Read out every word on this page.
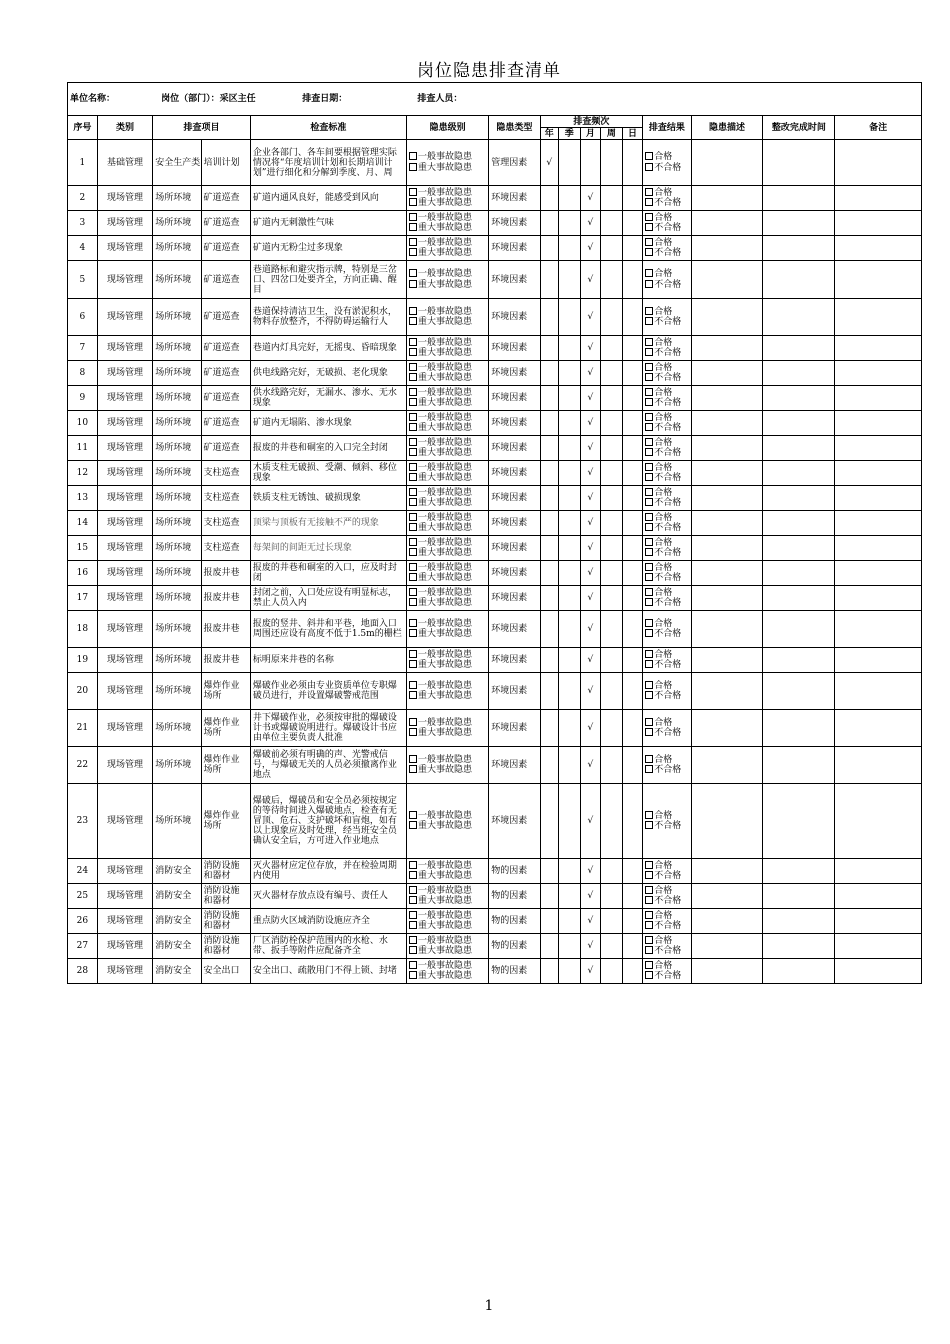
岗位隐患排查清单
单位名称： 岗位（部门）：采区主任 排查日期： 排查人员：															
序号	类别	排查项目		检查标准	隐患级别	隐患类型	排查频次					排查结果	隐患描述	整改完成时间	备注
							年	季	月	周	日				
1	基础管理	安全生产类	培训计划	企业各部门、各车间要根据管理实际情况将“年度培训计划和长期培训计划”进行细化和分解到季度、月、周	一般事故隐患
重大事故隐患	管理因素	√					合格
不合格			

2	现场管理	场所环境	矿道巡查	矿道内通风良好，能感受到风向	一般事故隐患
重大事故隐患	环境因素			√			合格
不合格			

3	现场管理	场所环境	矿道巡查	矿道内无刺激性气味	一般事故隐患
重大事故隐患	环境因素			√			合格
不合格			

4	现场管理	场所环境	矿道巡查	矿道内无粉尘过多现象	一般事故隐患
重大事故隐患	环境因素			√			合格
不合格			

5	现场管理	场所环境	矿道巡查	巷道路标和避灾指示牌，特别是三岔口、四岔口处要齐全，方向正确、醒目	一般事故隐患
重大事故隐患	环境因素			√			合格
不合格			

6	现场管理	场所环境	矿道巡查	巷道保持清洁卫生，没有淤泥积水，物料存放整齐，不得防碍运输行人	一般事故隐患
重大事故隐患	环境因素			√			合格
不合格			

7	现场管理	场所环境	矿道巡查	巷道内灯具完好，无摇曳、昏暗现象	一般事故隐患
重大事故隐患	环境因素			√			合格
不合格			

8	现场管理	场所环境	矿道巡查	供电线路完好，无破损、老化现象	一般事故隐患
重大事故隐患	环境因素			√			合格
不合格			

9	现场管理	场所环境	矿道巡查	供水线路完好，无漏水、渗水、无水现象	一般事故隐患
重大事故隐患	环境因素			√			合格
不合格			

10	现场管理	场所环境	矿道巡查	矿道内无塌陷、渗水现象	一般事故隐患
重大事故隐患	环境因素			√			合格
不合格			

11	现场管理	场所环境	矿道巡查	报废的井巷和硐室的入口完全封闭	一般事故隐患
重大事故隐患	环境因素			√			合格
不合格			

12	现场管理	场所环境	支柱巡查	木质支柱无破损、受潮、倾斜、移位现象	一般事故隐患
重大事故隐患	环境因素			√			合格
不合格			

13	现场管理	场所环境	支柱巡查	铁质支柱无锈蚀、破损现象	一般事故隐患
重大事故隐患	环境因素			√			合格
不合格			

14	现场管理	场所环境	支柱巡查	顶梁与顶板有无接触不严的现象	一般事故隐患
重大事故隐患	环境因素			√			合格
不合格			

15	现场管理	场所环境	支柱巡查	每架间的间距无过长现象	一般事故隐患
重大事故隐患	环境因素			√			合格
不合格			

16	现场管理	场所环境	报废井巷	报废的井巷和硐室的入口，应及时封闭	一般事故隐患
重大事故隐患	环境因素			√			合格
不合格			

17	现场管理	场所环境	报废井巷	封闭之前，入口处应设有明显标志，禁止人员入内	一般事故隐患
重大事故隐患	环境因素			√			合格
不合格			

18	现场管理	场所环境	报废井巷	报废的竖井、斜井和平巷，地面入口周围还应设有高度不低于1.5m的栅栏	一般事故隐患
重大事故隐患	环境因素			√			合格
不合格			

19	现场管理	场所环境	报废井巷	标明原来井巷的名称	一般事故隐患
重大事故隐患	环境因素			√			合格
不合格			

20	现场管理	场所环境	爆炸作业场所	爆破作业必须由专业资质单位专职爆破员进行，并设置爆破警戒范围	一般事故隐患
重大事故隐患	环境因素			√			合格
不合格			

21	现场管理	场所环境	爆炸作业场所	井下爆破作业，必须按审批的爆破设计书或爆破说明进行。爆破设计书应由单位主要负责人批准	一般事故隐患
重大事故隐患	环境因素			√			合格
不合格			

22	现场管理	场所环境	爆炸作业场所	爆破前必须有明确的声、光警戒信号，与爆破无关的人员必须撤离作业地点	一般事故隐患
重大事故隐患	环境因素			√			合格
不合格			

23	现场管理	场所环境	爆炸作业场所	爆破后，爆破员和安全员必须按规定的等待时间进入爆破地点，检查有无冒顶、危石、支护破坏和盲炮，如有以上现象应及时处理，经当班安全员确认安全后，方可进入作业地点	一般事故隐患
重大事故隐患	环境因素			√			合格
不合格			

24	现场管理	消防安全	消防设施和器材	灭火器材应定位存放，并在检验周期内使用	一般事故隐患
重大事故隐患	物的因素			√			合格
不合格			

25	现场管理	消防安全	消防设施和器材	灭火器材存放点设有编号、责任人	一般事故隐患
重大事故隐患	物的因素			√			合格
不合格			

26	现场管理	消防安全	消防设施和器材	重点防火区域消防设施应齐全	一般事故隐患
重大事故隐患	物的因素			√			合格
不合格			

27	现场管理	消防安全	消防设施和器材	厂区消防栓保护范围内的水枪、水带、扳手等附件应配备齐全	一般事故隐患
重大事故隐患	物的因素			√			合格
不合格			

28	现场管理	消防安全	安全出口	安全出口、疏散用门不得上锁、封堵	一般事故隐患
重大事故隐患	物的因素			√			合格
不合格			

1
